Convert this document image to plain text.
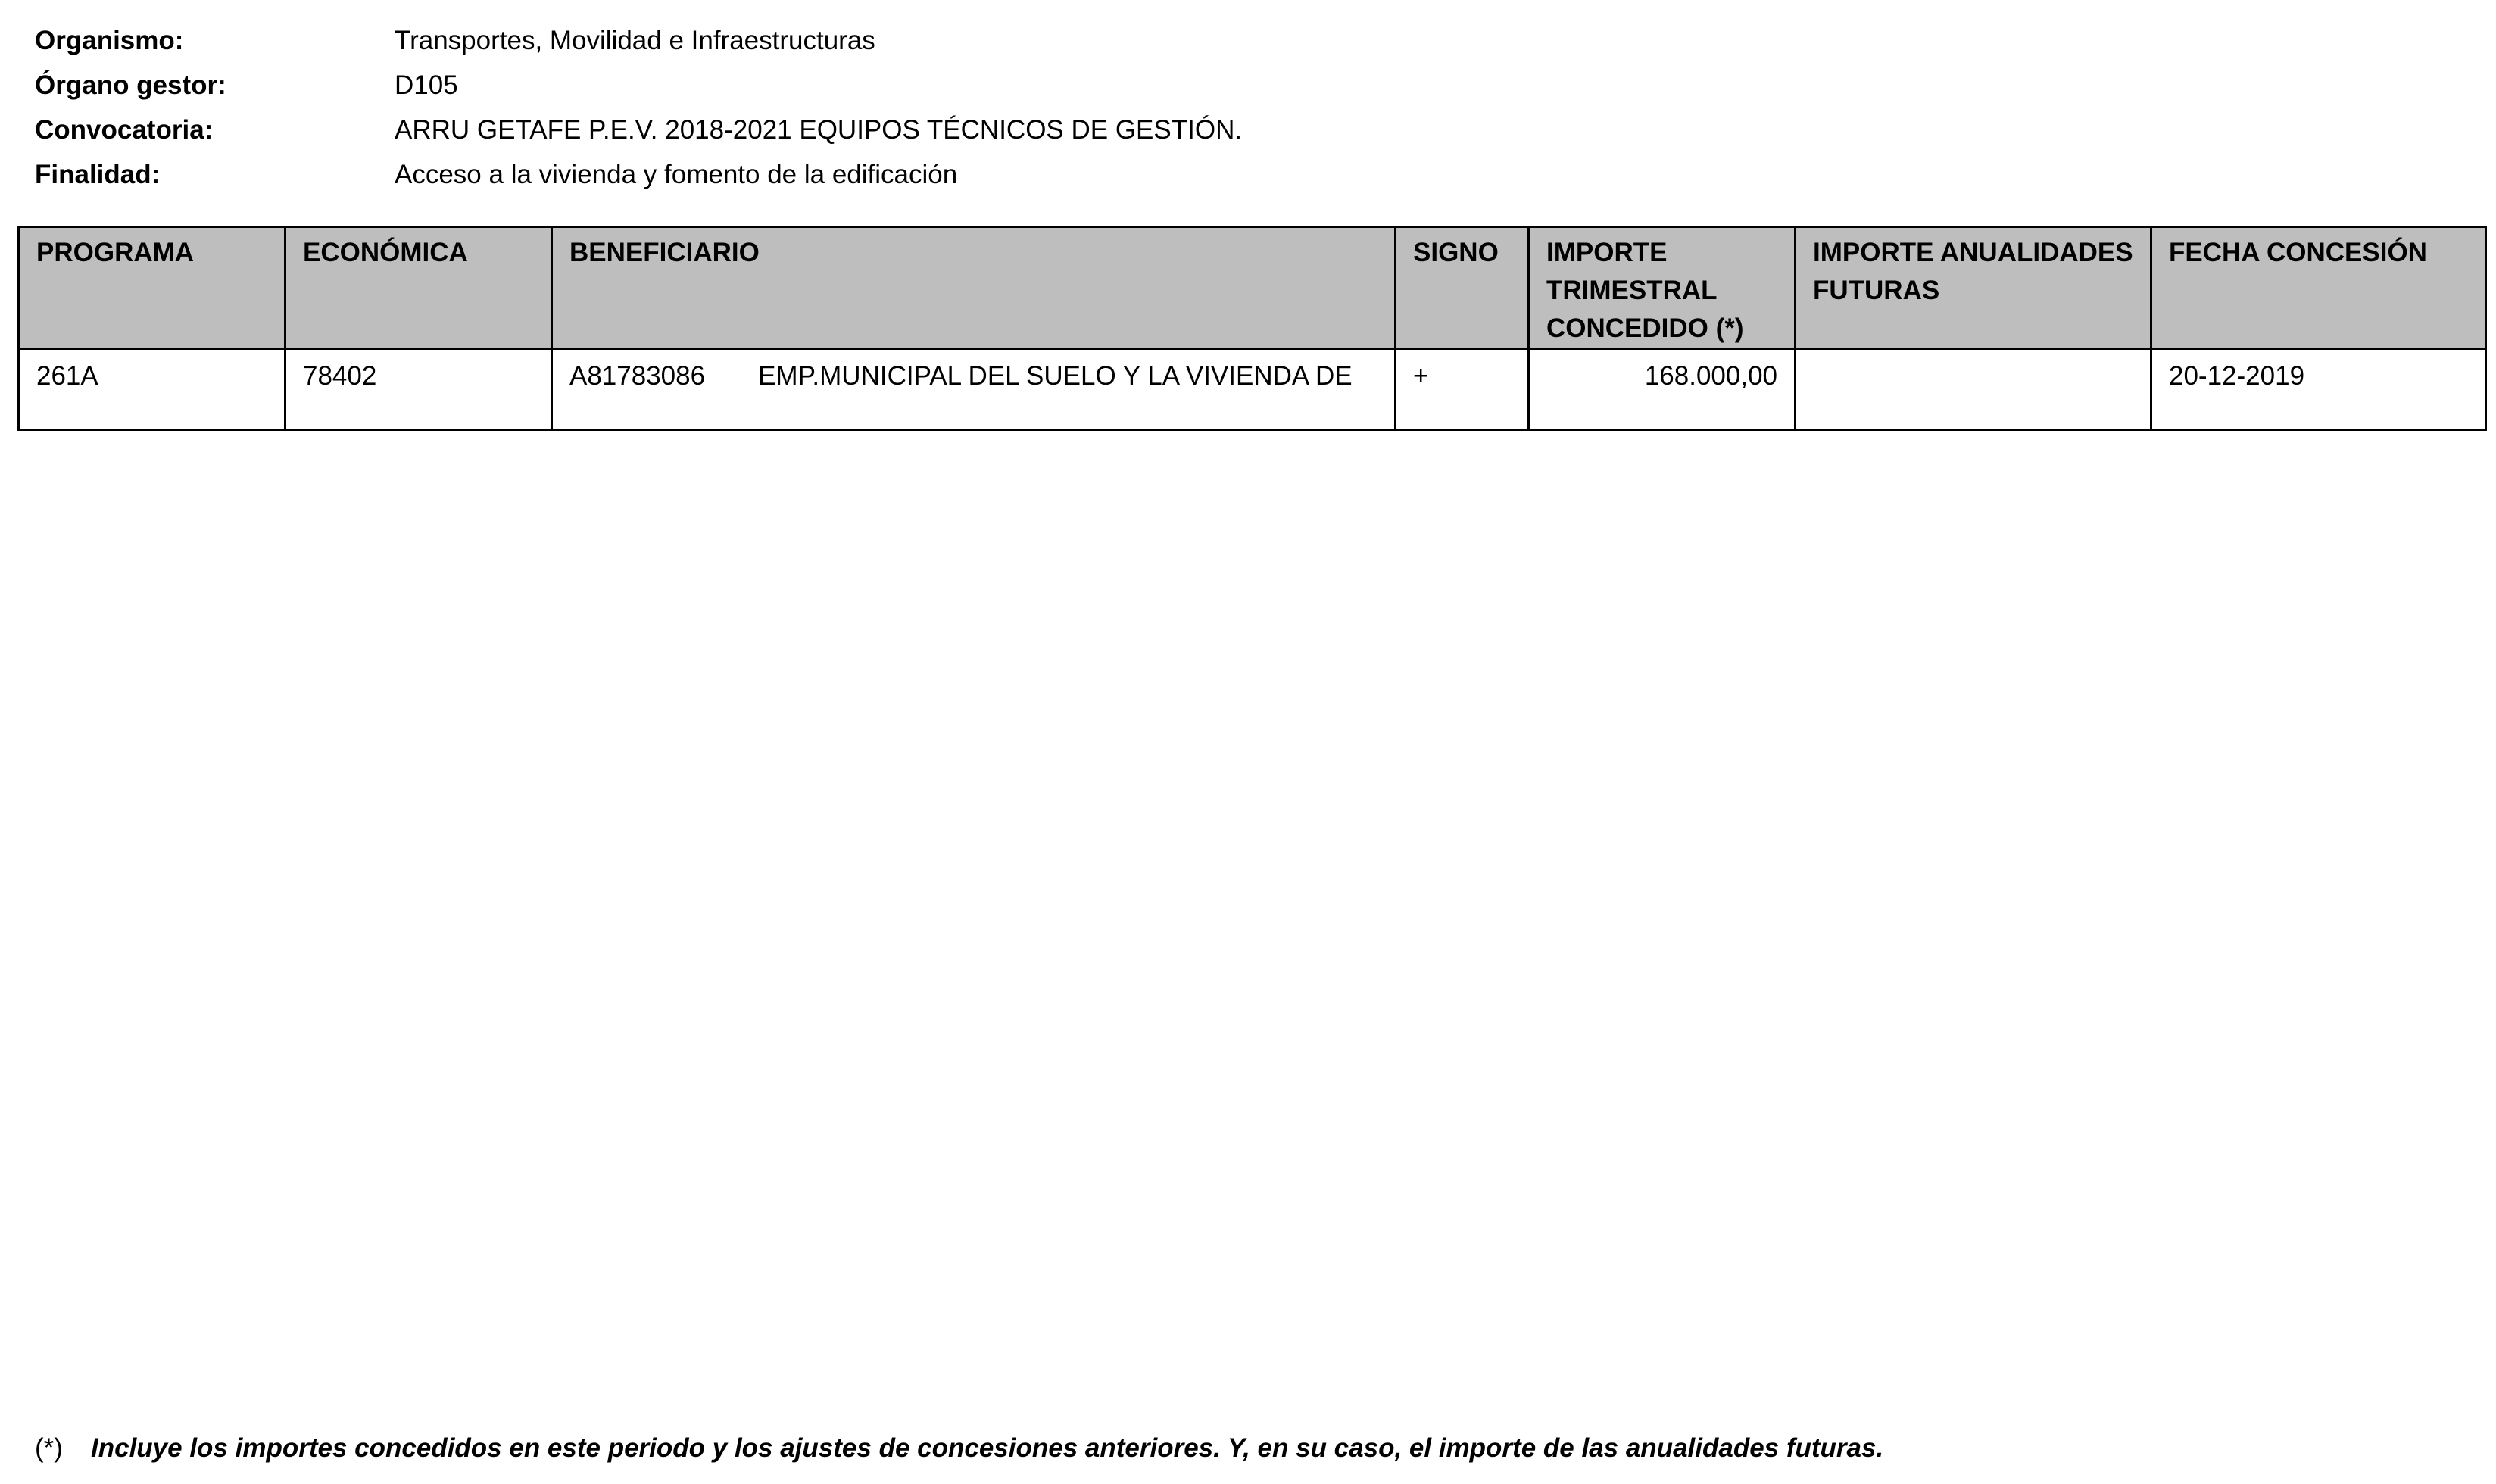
Organismo:	Transportes, Movilidad e Infraestructuras
Órgano gestor:	D105
Convocatoria:	ARRU GETAFE P.E.V. 2018-2021 EQUIPOS TÉCNICOS DE GESTIÓN.
Finalidad:	Acceso a la vivienda y fomento de la edificación
PROGRAMA	ECONÓMICA	BENEFICIARIO	SIGNO	IMPORTE TRIMESTRAL CONCEDIDO (*)	IMPORTE ANUALIDADES FUTURAS	FECHA CONCESIÓN
261A	78402	A81783086 EMP.MUNICIPAL DEL SUELO Y LA VIVIENDA DE	+	168.000,00		20-12-2019
(*)	Incluye los importes concedidos en este periodo y los ajustes de concesiones anteriores. Y, en su caso, el importe de las anualidades futuras.
